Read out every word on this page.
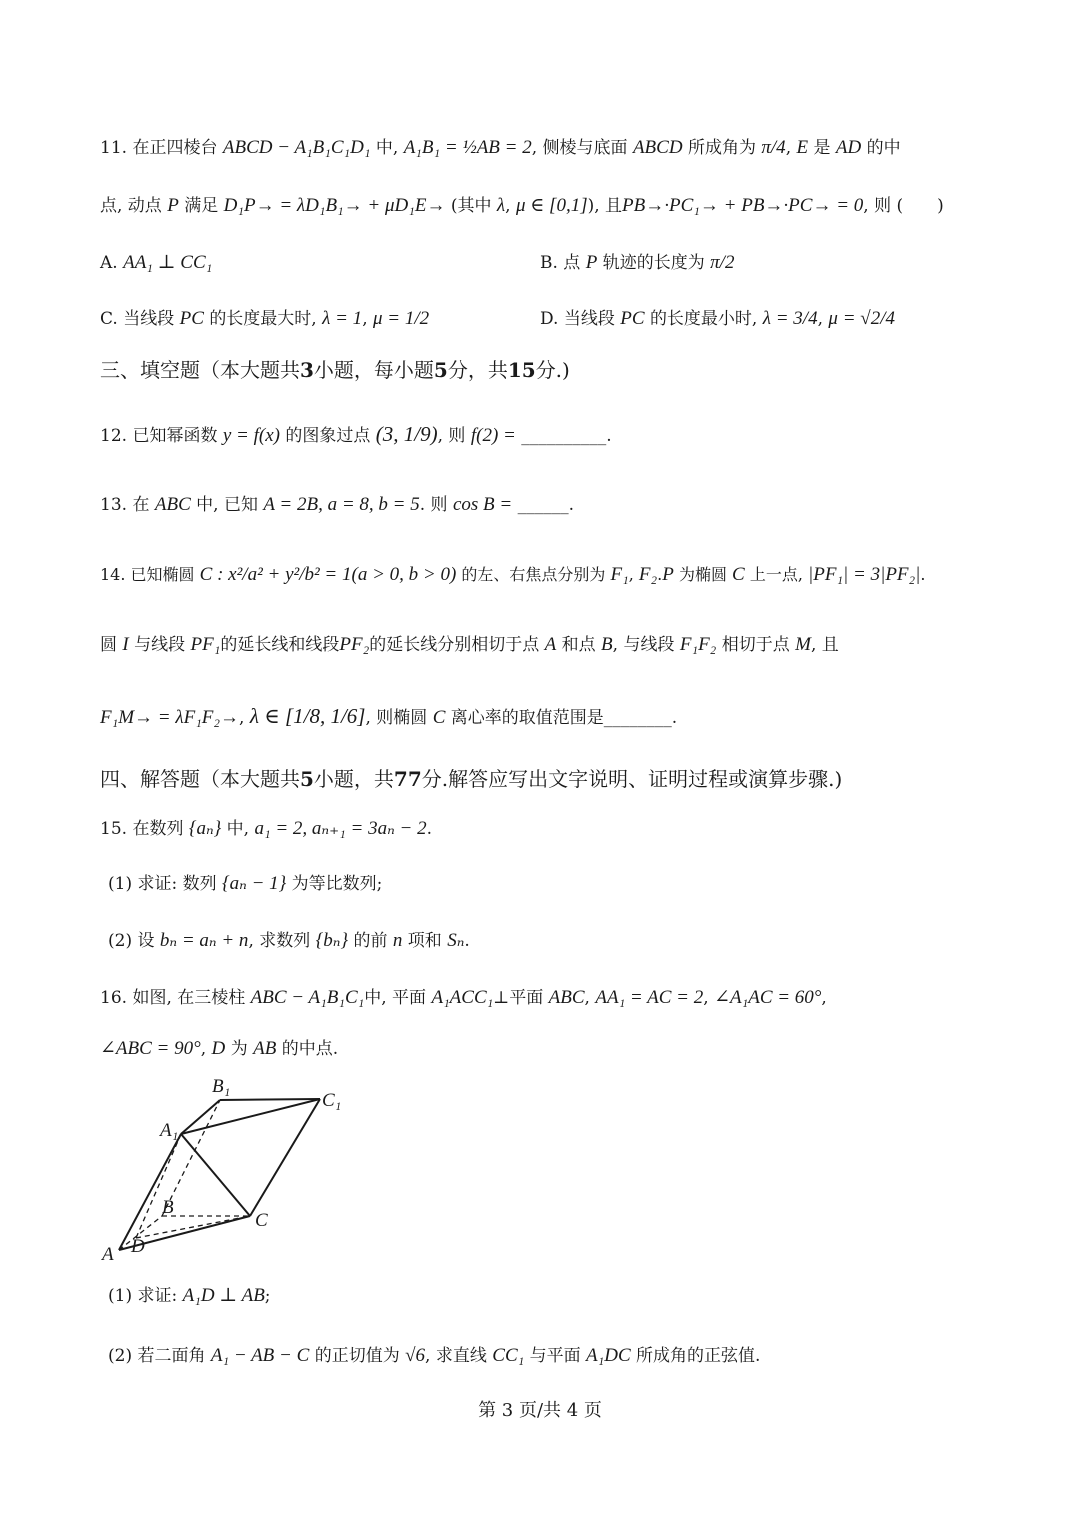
11. 在正四棱台 ABCD − A₁B₁C₁D₁ 中, A₁B₁ = ½AB = 2, 侧棱与底面 ABCD 所成角为 π/4, E 是 AD 的中
点, 动点 P 满足 D₁P→ = λD₁B₁→ + μD₁E→ (其中 λ, μ ∈ [0,1]), 且PB→·PC₁→ + PB→·PC→ = 0, 则 (　　)
A. AA₁ ⊥ CC₁	B. 点 P 轨迹的长度为 π/2
C. 当线段 PC 的长度最大时, λ = 1, μ = 1/2	D. 当线段 PC 的长度最小时, λ = 3/4, μ = √2/4
三、填空题（本大题共3小题，每小题5分，共15分.)
12. 已知幂函数 y = f(x) 的图象过点 (3, 1/9), 则 f(2) = __________.
13. 在 ABC 中, 已知 A = 2B, a = 8, b = 5. 则 cos B = ______.
14. 已知椭圆 C : x²/a² + y²/b² = 1(a > 0, b > 0) 的左、右焦点分别为 F₁, F₂.P 为椭圆 C 上一点, |PF₁| = 3|PF₂|.
圆 I 与线段 PF₁的延长线和线段PF₂的延长线分别相切于点 A 和点 B, 与线段 F₁F₂ 相切于点 M, 且
F₁M→ = λF₁F₂→, λ ∈ [1/8, 1/6], 则椭圆 C 离心率的取值范围是________.
四、解答题（本大题共5小题，共77分.解答应写出文字说明、证明过程或演算步骤.)
15. 在数列 {aₙ} 中, a₁ = 2, aₙ₊₁ = 3aₙ − 2.
(1) 求证: 数列 {aₙ − 1} 为等比数列;
(2) 设 bₙ = aₙ + n, 求数列 {bₙ} 的前 n 项和 Sₙ.
16. 如图, 在三棱柱 ABC − A₁B₁C₁中, 平面 A₁ACC₁⊥平面 ABC, AA₁ = AC = 2, ∠A₁AC = 60°,
∠ABC = 90°, D 为 AB 的中点.
B₁
C₁
A₁
B
C
A D
(1) 求证: A₁D ⊥ AB;
(2) 若二面角 A₁ − AB − C 的正切值为 √6, 求直线 CC₁ 与平面 A₁DC 所成角的正弦值.
第 3 页/共 4 页
